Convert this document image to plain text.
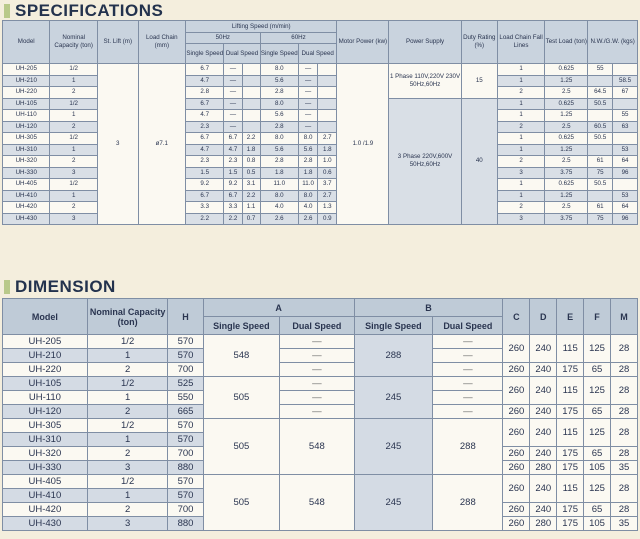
SPECIFICATIONS
Model	Nominal Capacity (ton)	St. Lift (m)	Load Chain (mm)	Lifting Speed (m/min)						Motor Power (kw)	Power Supply	Duty Rating (%)	Load Chain Fall Lines	Test Load (ton)	N.W./G.W. (kgs)	
				50Hz			60Hz									
				Single Speed	Dual Speed		Single Speed	Dual Speed								
UH-205	1/2	3	ø7.1	6.7	—		8.0	—		1.0 /1.9	1 Phase 110V,220V 230V 50Hz,60Hz	15	1	0.625	55	
UH-210	1			4.7	—		5.6	—					1	1.25		58.5
UH-220	2			2.8	—		2.8	—					2	2.5	64.5	67
UH-105	1/2			6.7	—		8.0	—			3 Phase 220V,600V 50Hz,60Hz	40	1	0.625	50.5	
UH-110	1			4.7	—		5.6	—					1	1.25		55
UH-120	2			2.3	—		2.8	—					2	2.5	60.5	63
UH-305	1/2			6.7	6.7	2.2	8.0	8.0	2.7				1	0.625	50.5	
UH-310	1			4.7	4.7	1.8	5.6	5.6	1.8				1	1.25		53
UH-320	2			2.3	2.3	0.8	2.8	2.8	1.0				2	2.5	61	64
UH-330	3			1.5	1.5	0.5	1.8	1.8	0.6				3	3.75	75	96
UH-405	1/2			9.2	9.2	3.1	11.0	11.0	3.7				1	0.625	50.5	
UH-410	1			6.7	6.7	2.2	8.0	8.0	2.7				1	1.25		53
UH-420	2			3.3	3.3	1.1	4.0	4.0	1.3				2	2.5	61	64
UH-430	3			2.2	2.2	0.7	2.6	2.6	0.9				3	3.75	75	96
DIMENSION
Model	Nominal Capacity (ton)	H	A		B		C	D	E	F	M
			Single Speed	Dual Speed	Single Speed	Dual Speed					
UH-205	1/2	570	548	—	288	—	260	240	115	125	28
UH-210	1	570		—		—					
UH-220	2	700		—		—	260	240	175	65	28
UH-105	1/2	525	505	—	245	—	260	240	115	125	28
UH-110	1	550		—		—					
UH-120	2	665		—		—	260	240	175	65	28
UH-305	1/2	570	505	548	245	288	260	240	115	125	28
UH-310	1	570									
UH-320	2	700					260	240	175	65	28
UH-330	3	880					260	280	175	105	35
UH-405	1/2	570	505	548	245	288	260	240	115	125	28
UH-410	1	570									
UH-420	2	700					260	240	175	65	28
UH-430	3	880					260	280	175	105	35
